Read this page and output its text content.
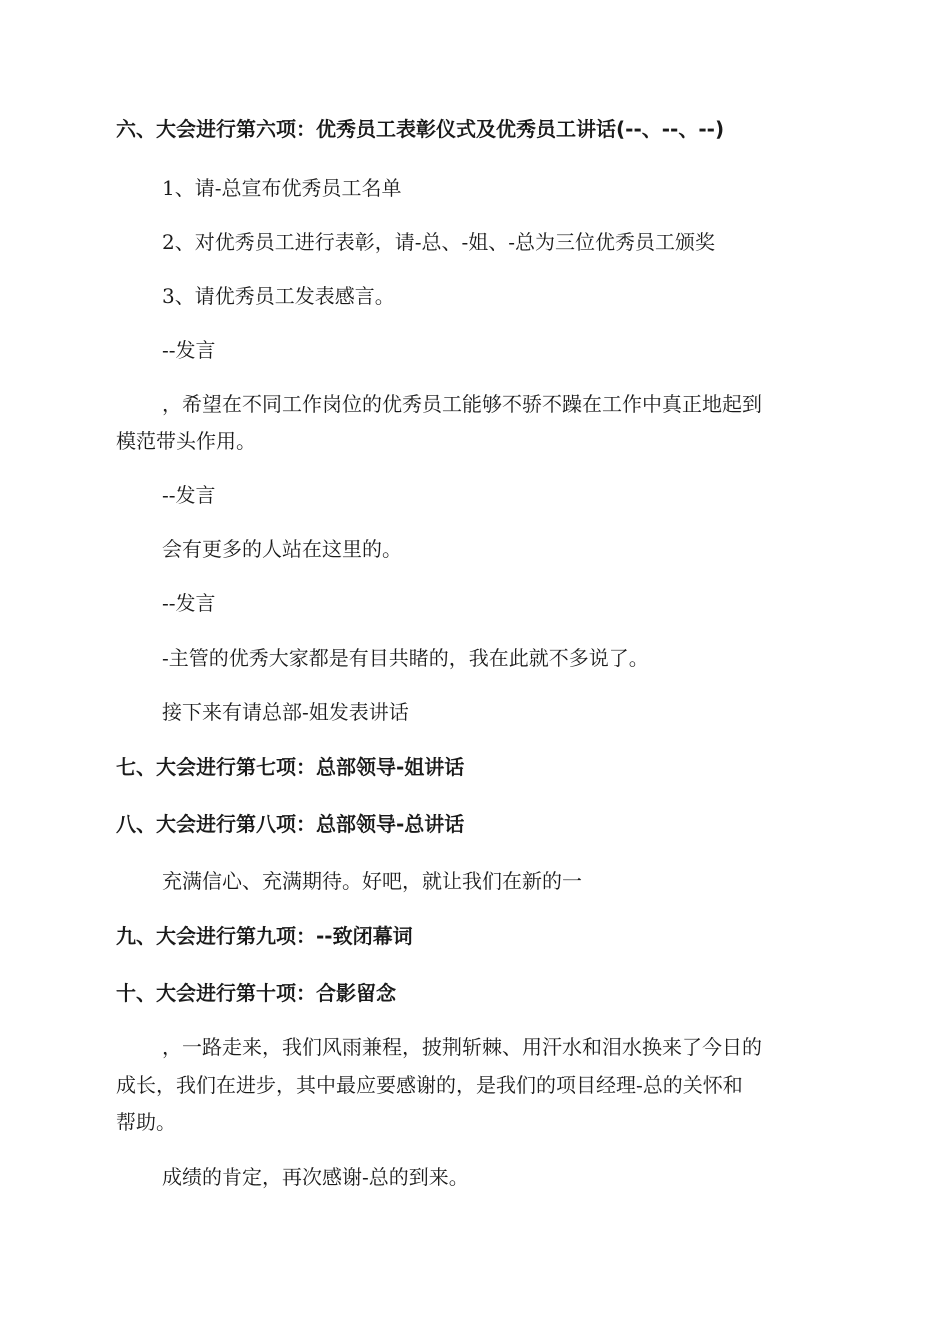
六、大会进行第六项：优秀员工表彰仪式及优秀员工讲话(--、--、--)

1、请-总宣布优秀员工名单

2、对优秀员工进行表彰，请-总、-姐、-总为三位优秀员工颁奖

3、请优秀员工发表感言。

--发言

，希望在不同工作岗位的优秀员工能够不骄不躁在工作中真正地起到

模范带头作用。

--发言

会有更多的人站在这里的。

--发言

-主管的优秀大家都是有目共睹的，我在此就不多说了。

接下来有请总部-姐发表讲话

七、大会进行第七项：总部领导-姐讲话

八、大会进行第八项：总部领导-总讲话

充满信心、充满期待。好吧，就让我们在新的一

九、大会进行第九项：--致闭幕词

十、大会进行第十项：合影留念

，一路走来，我们风雨兼程，披荆斩棘、用汗水和泪水换来了今日的

成长，我们在进步，其中最应要感谢的，是我们的项目经理-总的关怀和

帮助。

成绩的肯定，再次感谢-总的到来。
